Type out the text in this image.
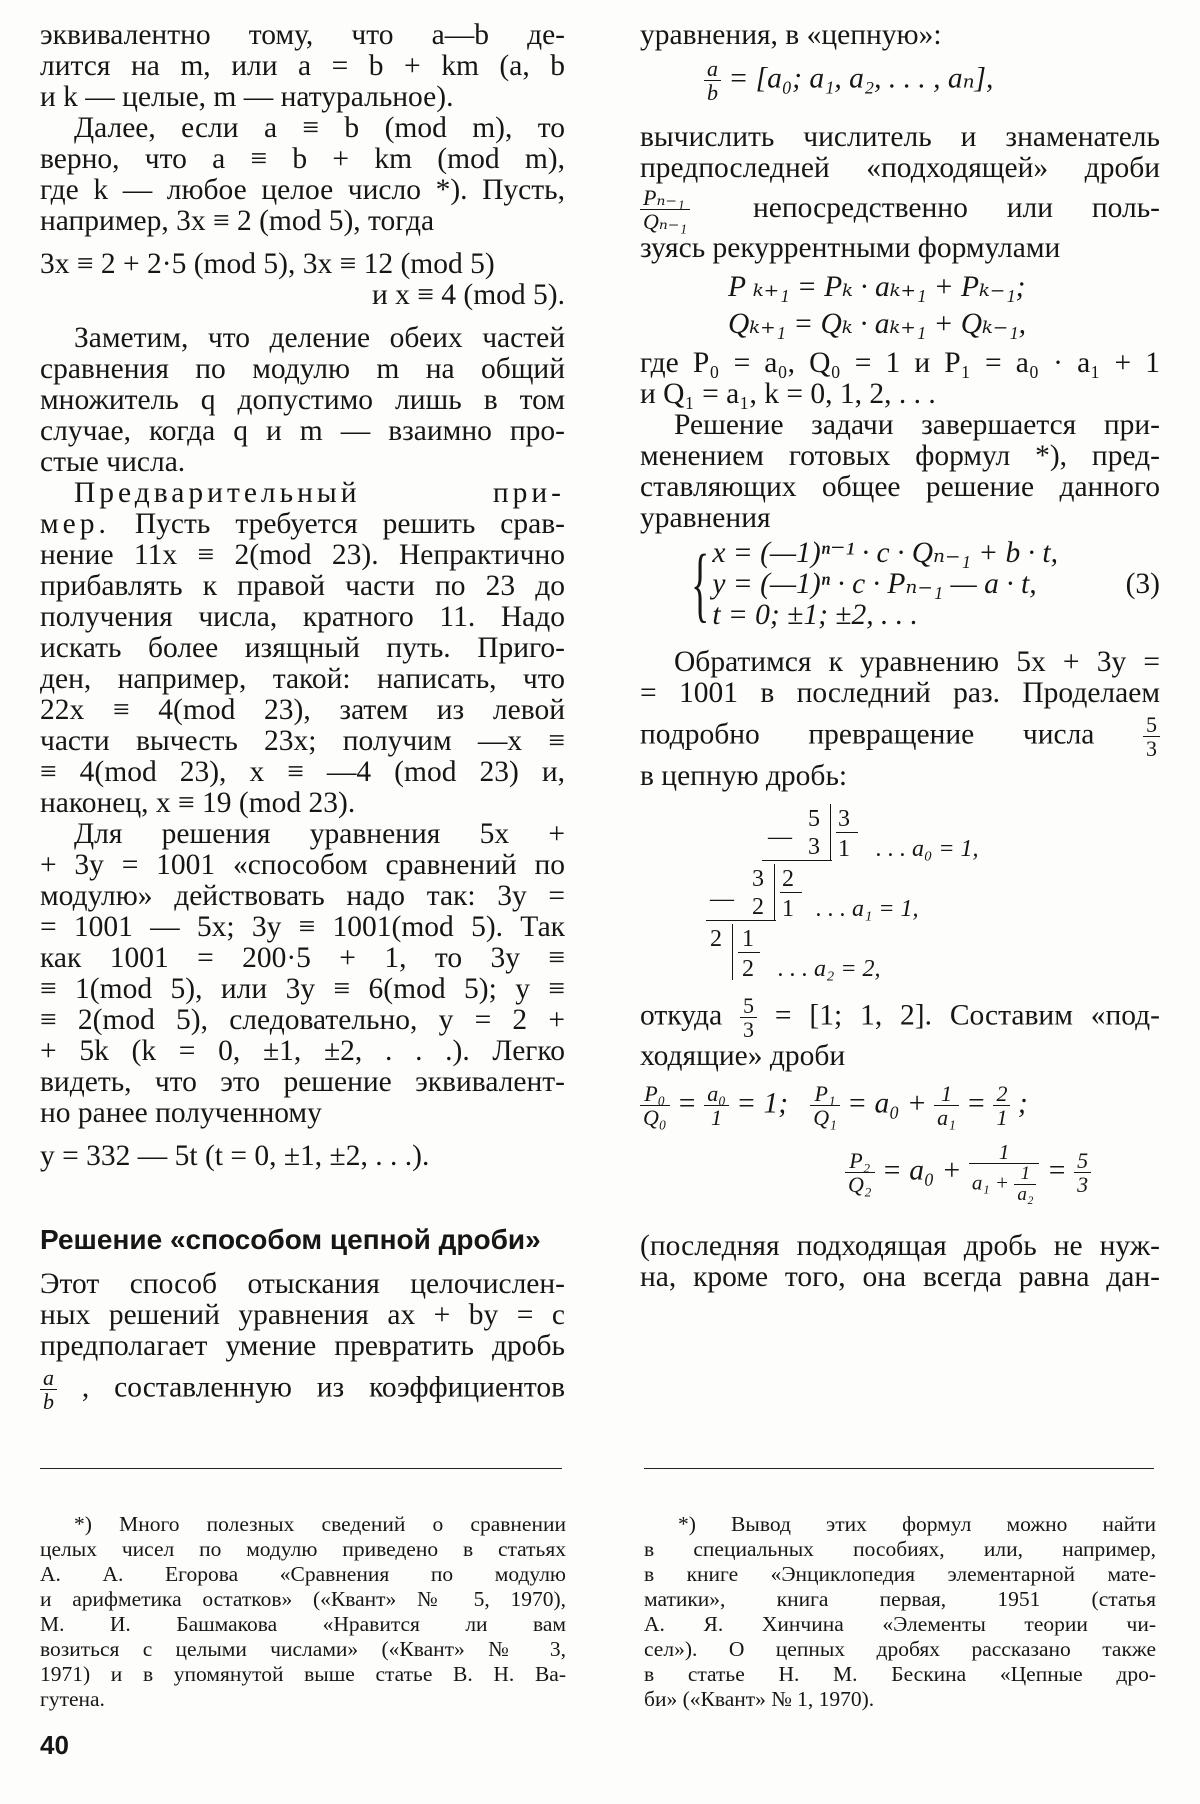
эквивалентно тому, что a—b де-

лится на m, или a = b + km (a, b

и k — целые, m — натуральное).

Далее, если a ≡ b (mod m), то

верно, что a ≡ b + km (mod m),

где k — любое целое число *). Пусть,

например, 3x ≡ 2 (mod 5), тогда

3x ≡ 2 + 2·5 (mod 5), 3x ≡ 12 (mod 5)

и x ≡ 4 (mod 5).

Заметим, что деление обеих частей

сравнения по модулю m на общий

множитель q допустимо лишь в том

случае, когда q и m — взаимно про-

стые числа.

Предварительный при-

мер. Пусть требуется решить срав-

нение 11x ≡ 2(mod 23). Непрактично

прибавлять к правой части по 23 до

получения числа, кратного 11. Надо

искать более изящный путь. Приго-

ден, например, такой: написать, что

22x ≡ 4(mod 23), затем из левой

части вычесть 23x; получим —x ≡

≡ 4(mod 23), x ≡ —4 (mod 23) и,

наконец, x ≡ 19 (mod 23).

Для решения уравнения 5x +

+ 3y = 1001 «способом сравнений по

модулю» действовать надо так: 3y =

= 1001 — 5x; 3y ≡ 1001(mod 5). Так

как 1001 = 200·5 + 1, то 3y ≡

≡ 1(mod 5), или 3y ≡ 6(mod 5); y ≡

≡ 2(mod 5), следовательно, y = 2 +

+ 5k (k = 0, ±1, ±2, . . .). Легко

видеть, что это решение эквивалент-

но ранее полученному

y = 332 — 5t (t = 0, ±1, ±2, . . .).

Решение «способом цепной дроби»

Этот способ отыскания целочислен-

ных решений уравнения ax + by = c

предполагает умение превратить дробь

$\frac{a}{b}$ , составленную из коэффициентов

уравнения, в «цепную»:

$\frac{a}{b} = [a_0$; a₁, a₂, . . . , aₙ],

вычислить числитель и знаменатель

предпоследней «подходящей» дроби

$\frac{\text{Pₙ₋₁}}{\text{Qₙ₋₁}}$ непосредственно или поль-

зуясь рекуррентными формулами

P ₖ₊₁ = Pₖ · aₖ₊₁ + Pₖ₋₁;

Qₖ₊₁ = Qₖ · aₖ₊₁ + Qₖ₋₁,

где P₀ = a₀, Q₀ = 1 и P₁ = a₀ · a₁ + 1

и Q₁ = a₁, k = 0, 1, 2, . . .

Решение задачи завершается при-

менением готовых формул *), пред-

ставляющих общее решение данного

уравнения

{ x = (—1)ⁿ⁻¹ · c · Qₙ₋₁ + b · t,
y = (—1)ⁿ · c · Pₙ₋₁ — a · t,
t = 0; ±1; ±2, . . .
(3)

Обратимся к уравнению 5x + 3y =

= 1001 в последний раз. Проделаем

подробно превращение числа $\frac{5}{3}$

в цепную дробь:

—
5
3
3
1 . . . a₀ = 1,
—
3
2
2
1 . . . a₁ = 1,
2 1
2 . . . a₂ = 2,

откуда $\frac{5}{3} = [1$; 1, 2]. Составим «под-

ходящие» дроби

$\frac{\text{P₀}}{\text{Q₀}} = \frac{\text{a₀}}{1} = 1$; $\frac{\text{P₁}}{\text{Q₁}} = a_0 + \frac{1}{\text{a₁}} = \frac{2}{1}$ ;
$\frac{\text{P₂}}{\text{Q₂}} = a_0 + \frac{1}{a_1 + \frac{1}{\text{a₂}}} = \frac{5}{3}$

(последняя подходящая дробь не нуж-

на, кроме того, она всегда равна дан-

*) Много полезных сведений о сравнении

целых чисел по модулю приведено в статьях

А. А. Егорова «Сравнения по модулю

и арифметика остатков» («Квант» № 5, 1970),

М. И. Башмакова «Нравится ли вам

возиться с целыми числами» («Квант» № 3,

1971) и в упомянутой выше статье В. Н. Ва-

гутена.

*) Вывод этих формул можно найти

в специальных пособиях, или, например,

в книге «Энциклопедия элементарной мате-

матики», книга первая, 1951 (статья

А. Я. Хинчина «Элементы теории чи-

сел»). О цепных дробях рассказано также

в статье Н. М. Бескина «Цепные дро-

би» («Квант» № 1, 1970).

40
